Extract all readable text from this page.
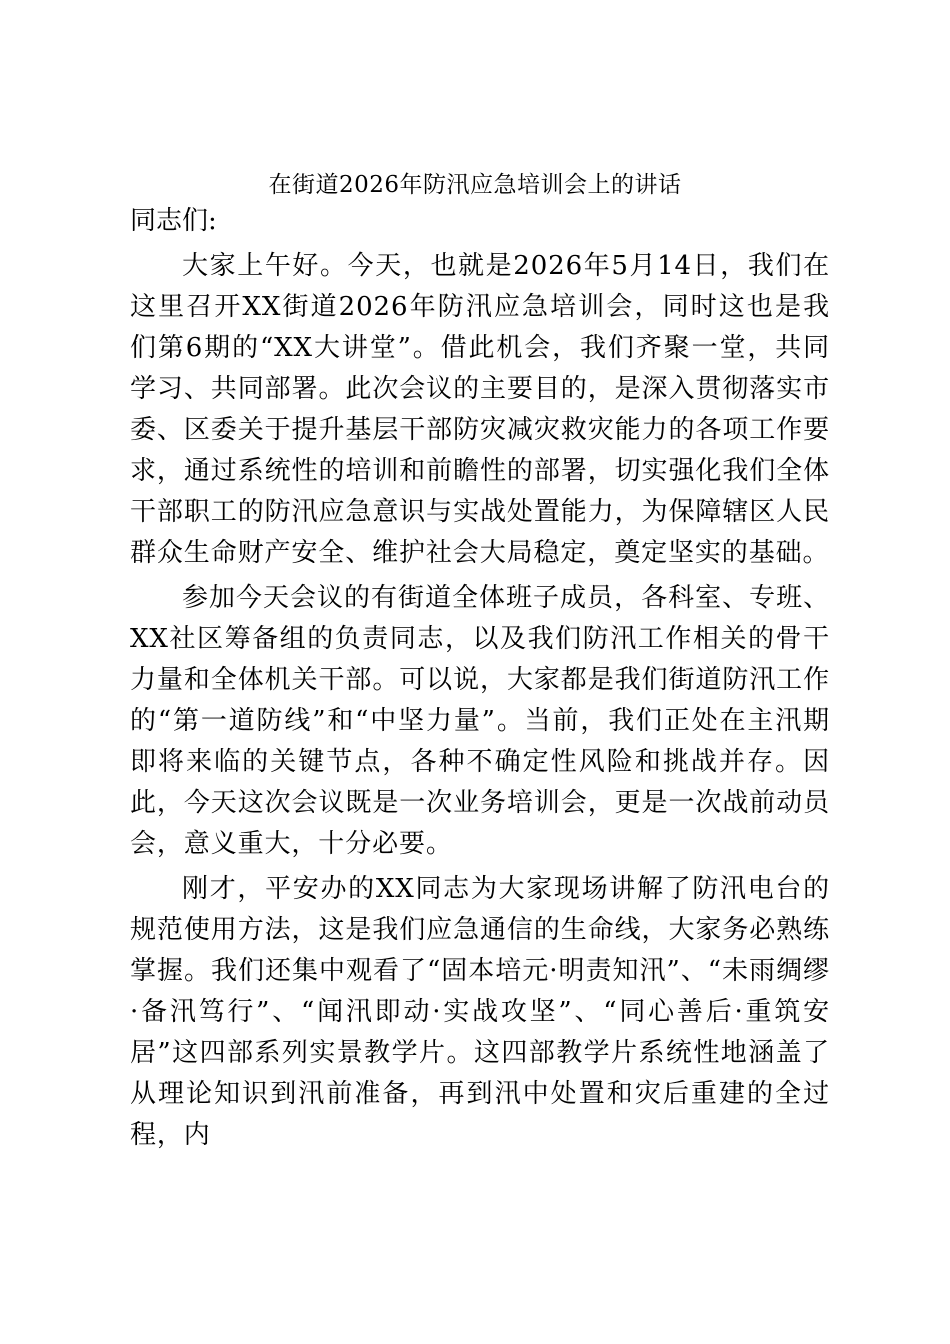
在街道2026年防汛应急培训会上的讲话
同志们:

大家上午好。今天，也就是2026年5月14日，我们在这里召开XX街道2026年防汛应急培训会，同时这也是我们第6期的“XX大讲堂”。借此机会，我们齐聚一堂，共同学习、共同部署。此次会议的主要目的，是深入贯彻落实市委、区委关于提升基层干部防灾减灾救灾能力的各项工作要求，通过系统性的培训和前瞻性的部署，切实强化我们全体干部职工的防汛应急意识与实战处置能力，为保障辖区人民群众生命财产安全、维护社会大局稳定，奠定坚实的基础。

参加今天会议的有街道全体班子成员，各科室、专班、XX社区筹备组的负责同志，以及我们防汛工作相关的骨干力量和全体机关干部。可以说，大家都是我们街道防汛工作的“第一道防线”和“中坚力量”。当前，我们正处在主汛期即将来临的关键节点，各种不确定性风险和挑战并存。因此，今天这次会议既是一次业务培训会，更是一次战前动员会，意义重大，十分必要。

刚才，平安办的XX同志为大家现场讲解了防汛电台的规范使用方法，这是我们应急通信的生命线，大家务必熟练掌握。我们还集中观看了“固本培元·明责知汛”、“未雨绸缪·备汛笃行”、“闻汛即动·实战攻坚”、“同心善后·重筑安居”这四部系列实景教学片。这四部教学片系统性地涵盖了从理论知识到汛前准备，再到汛中处置和灾后重建的全过程，内
